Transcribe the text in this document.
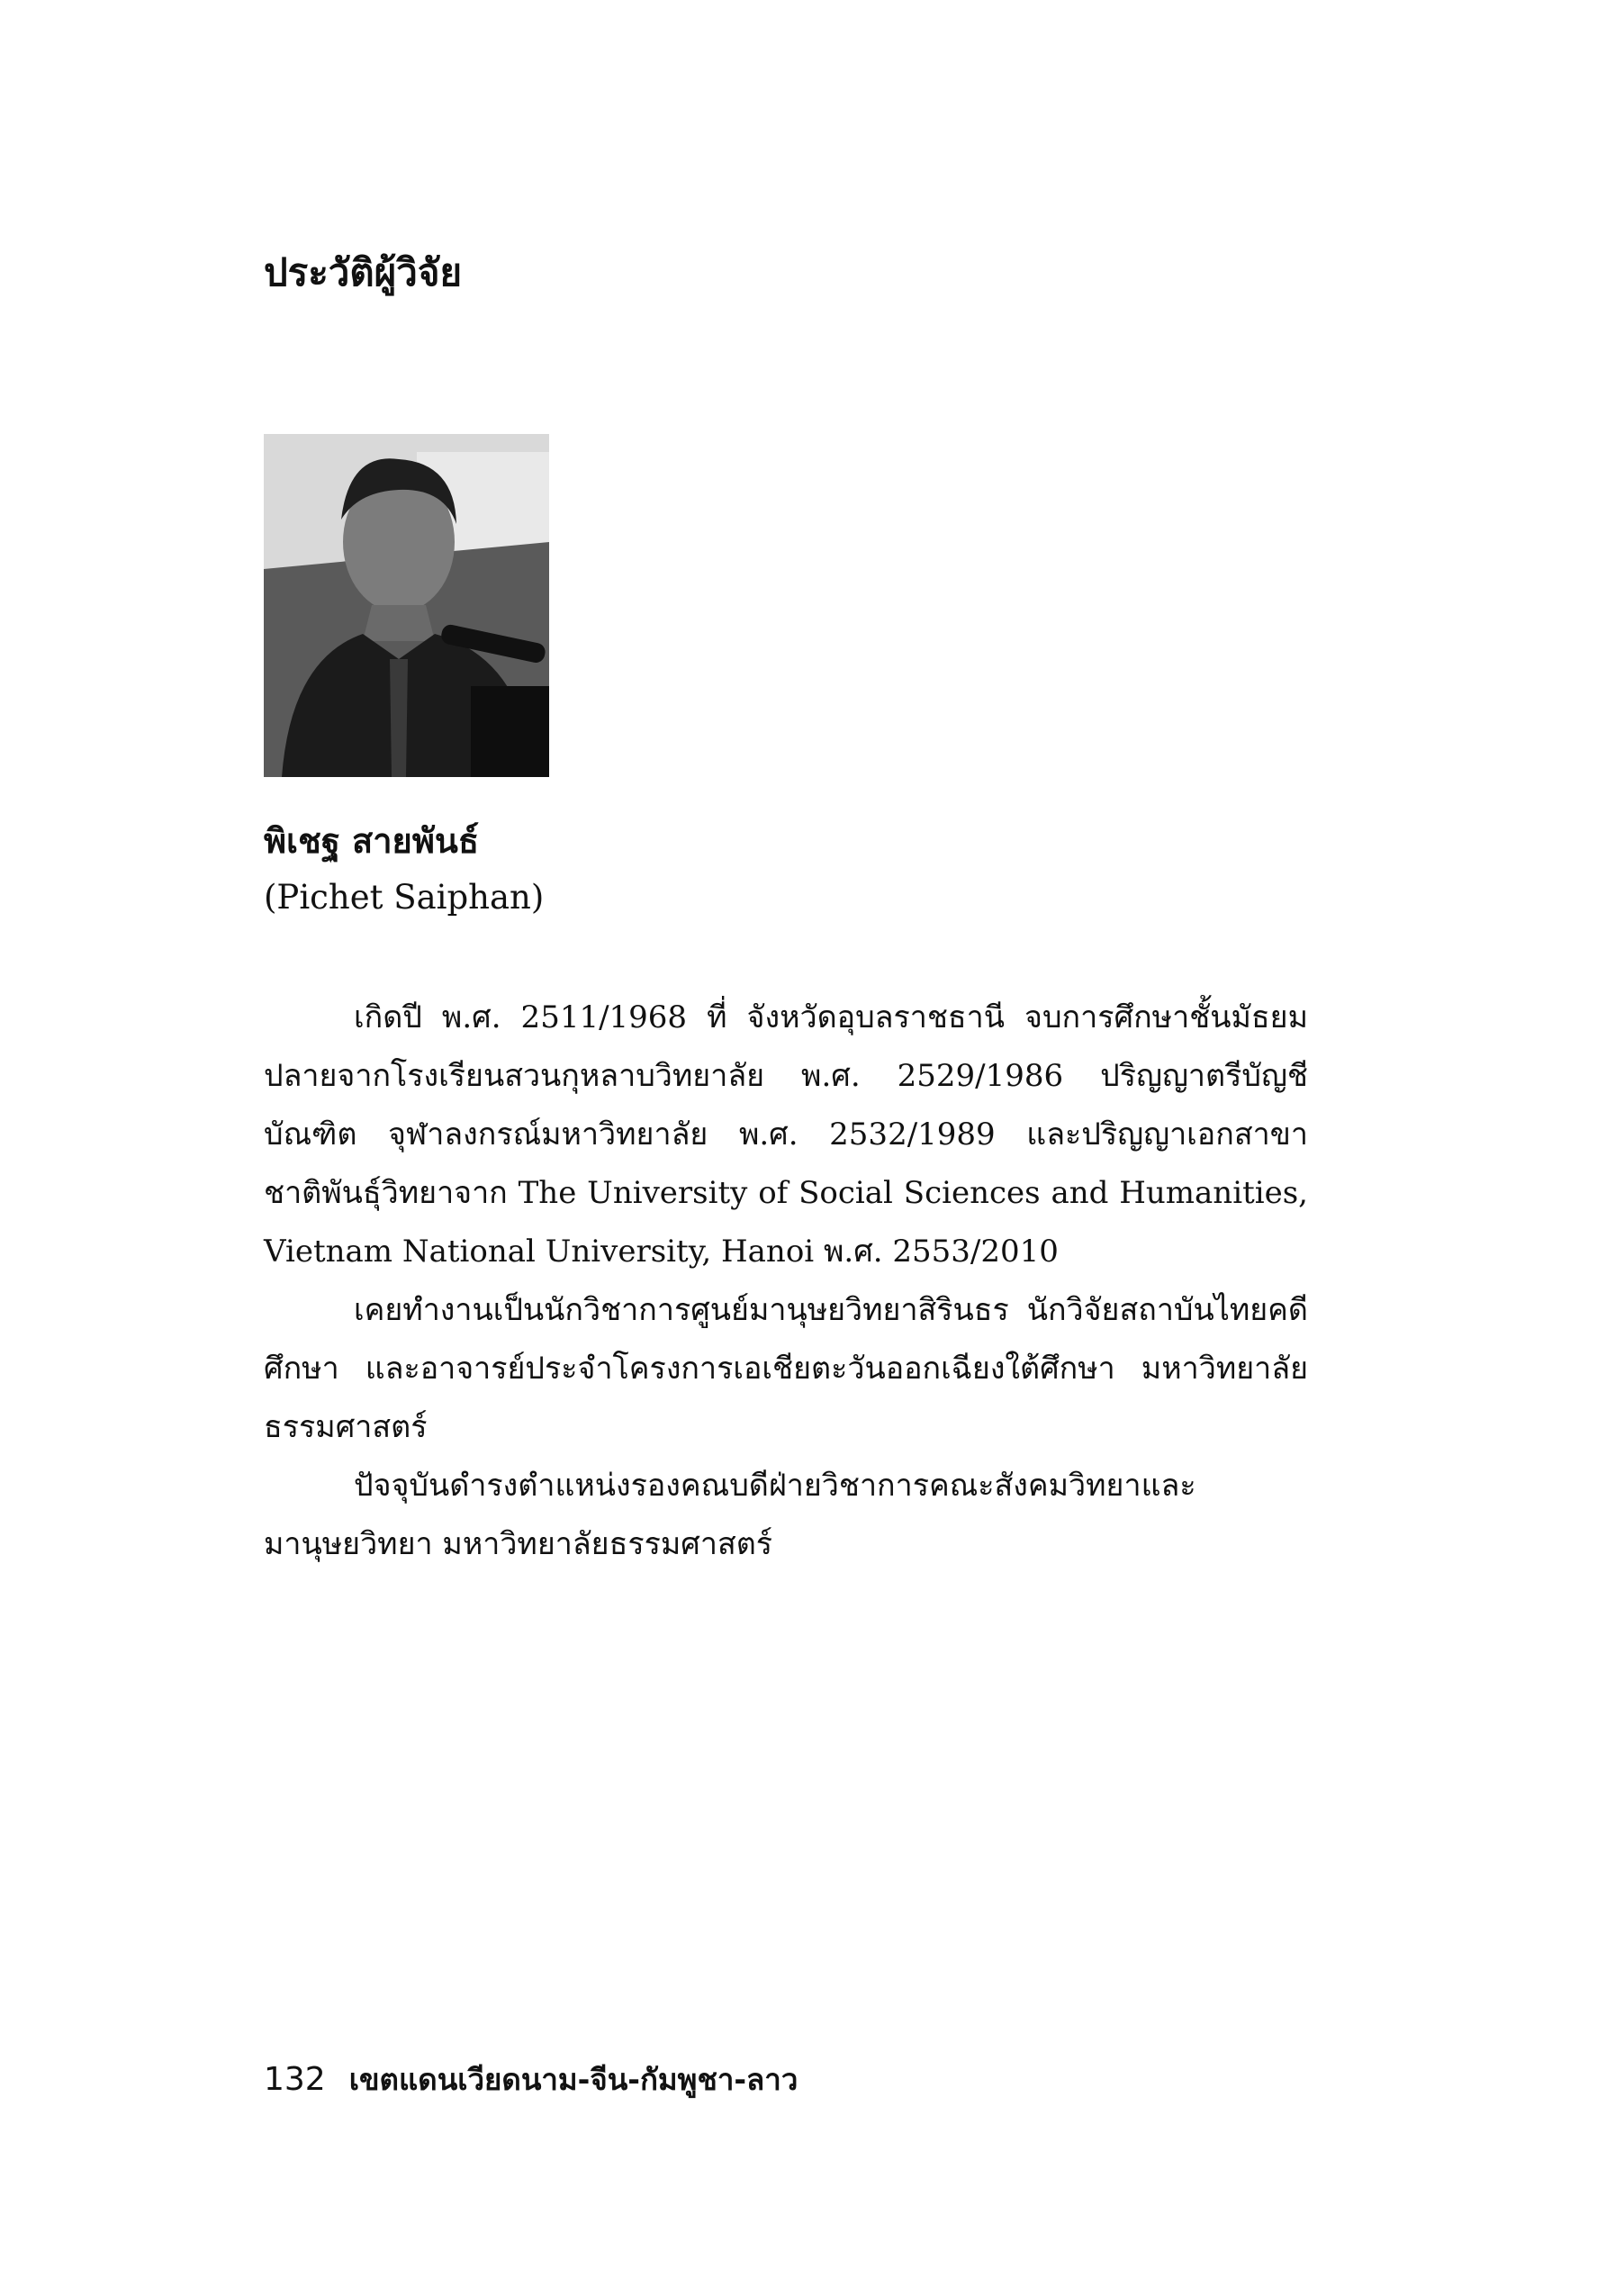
ประวัติผู้วิจัย

พิเชฐ สายพันธ์

(Pichet Saiphan)

เกิดปี พ.ศ. 2511/1968 ที่ จังหวัดอุบลราชธานี จบการศึกษาชั้นมัธยมปลายจากโรงเรียนสวนกุหลาบวิทยาลัย พ.ศ. 2529/1986 ปริญญาตรีบัญชีบัณฑิต จุฬาลงกรณ์มหาวิทยาลัย พ.ศ. 2532/1989 และปริญญาเอกสาขาชาติพันธุ์วิทยาจาก The University of Social Sciences and Humanities, Vietnam National University, Hanoi พ.ศ. 2553/2010

เคยทำงานเป็นนักวิชาการศูนย์มานุษยวิทยาสิรินธร นักวิจัยสถาบันไทยคดีศึกษา และอาจารย์ประจำโครงการเอเชียตะวันออกเฉียงใต้ศึกษา มหาวิทยาลัยธรรมศาสตร์

ปัจจุบันดำรงตำแหน่งรองคณบดีฝ่ายวิชาการคณะสังคมวิทยาและมานุษยวิทยา มหาวิทยาลัยธรรมศาสตร์

132 เขตแดนเวียดนาม-จีน-กัมพูชา-ลาว
